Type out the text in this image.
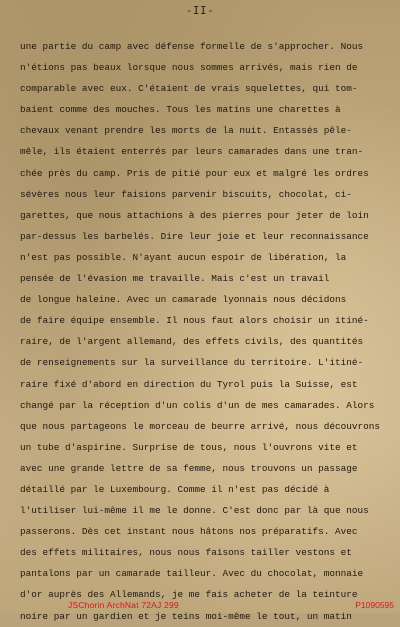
-II-
une partie du camp avec défense formelle de s'approcher. Nous
n'étions pas beaux lorsque nous sommes arrivés, mais rien de
comparable avec eux. C'étaient de vrais squelettes, qui tom-
baient comme des mouches. Tous les matins une charettes à
chevaux venant prendre les morts de la nuit. Entassés pêle-
mêle, ils étaient enterrés par leurs camarades dans une tran-
chée près du camp. Pris de pitié pour eux et malgré les ordres
sévères nous leur faisions parvenir biscuits, chocolat, ci-
garettes, que nous attachions à des pierres pour jeter de loin
par-dessus les barbelés. Dire leur joie et leur reconnaissance
n'est pas possible. N'ayant aucun espoir de libération, la
pensée de l'évasion me travaille. Mais c'est un travail
de longue haleine. Avec un camarade lyonnais nous décidons
de faire équipe ensemble. Il nous faut alors choisir un itiné-
raire, de l'argent allemand, des effets civils, des quantités
de renseignements sur la surveillance du territoire. L'itiné-
raire fixé d'abord en direction du Tyrol puis la Suisse, est
changé par la réception d'un colis d'un de mes camarades. Alors
que nous partageons le morceau de beurre arrivé, nous découvrons
un tube d'aspirine. Surprise de tous, nous l'ouvrons vite et
avec une grande lettre de sa femme, nous trouvons un passage
détaillé par le Luxembourg. Comme il n'est pas décidé à
l'utiliser lui-même il me le donne. C'est donc par là que nous
passerons. Dès cet instant nous hâtons nos préparatifs. Avec
des effets militaires, nous nous faisons tailler vestons et
pantalons par un camarade tailleur. Avec du chocolat, monnaie
d'or auprès des Allemands, je me fais acheter de la teinture
noire par un gardien et je teins moi-même le tout, un matin
JSChorin ArchNat 72AJ 299	P1090595
